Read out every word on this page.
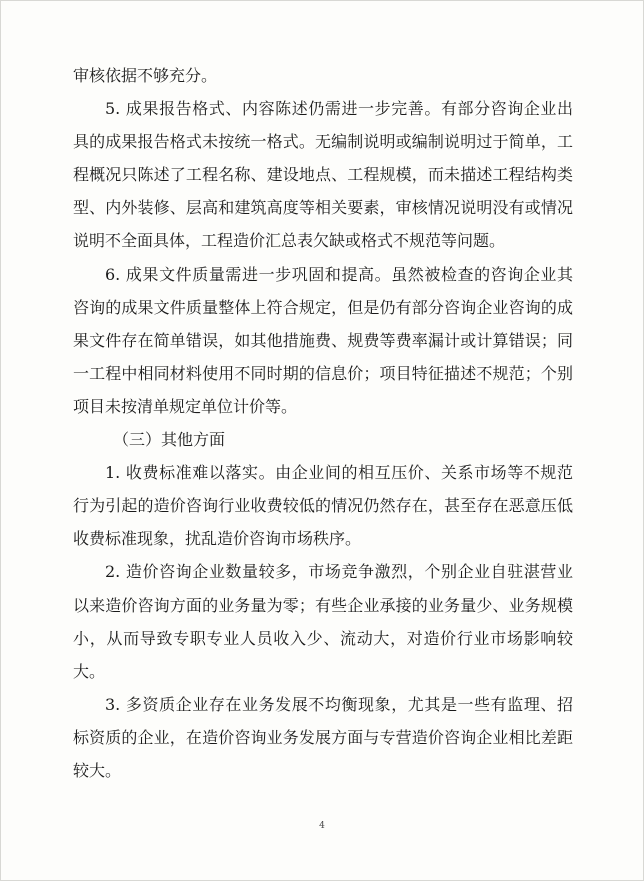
审核依据不够充分。

5. 成果报告格式、内容陈述仍需进一步完善。有部分咨询企业出具的成果报告格式未按统一格式。无编制说明或编制说明过于简单，工程概况只陈述了工程名称、建设地点、工程规模，而未描述工程结构类型、内外装修、层高和建筑高度等相关要素，审核情况说明没有或情况说明不全面具体，工程造价汇总表欠缺或格式不规范等问题。

6. 成果文件质量需进一步巩固和提高。虽然被检查的咨询企业其咨询的成果文件质量整体上符合规定，但是仍有部分咨询企业咨询的成果文件存在简单错误，如其他措施费、规费等费率漏计或计算错误；同一工程中相同材料使用不同时期的信息价；项目特征描述不规范；个别项目未按清单规定单位计价等。

（三）其他方面

1. 收费标准难以落实。由企业间的相互压价、关系市场等不规范行为引起的造价咨询行业收费较低的情况仍然存在，甚至存在恶意压低收费标准现象，扰乱造价咨询市场秩序。

2. 造价咨询企业数量较多，市场竞争激烈，个别企业自驻湛营业以来造价咨询方面的业务量为零；有些企业承接的业务量少、业务规模小，从而导致专职专业人员收入少、流动大，对造价行业市场影响较大。

3. 多资质企业存在业务发展不均衡现象，尤其是一些有监理、招标资质的企业，在造价咨询业务发展方面与专营造价咨询企业相比差距较大。

4
